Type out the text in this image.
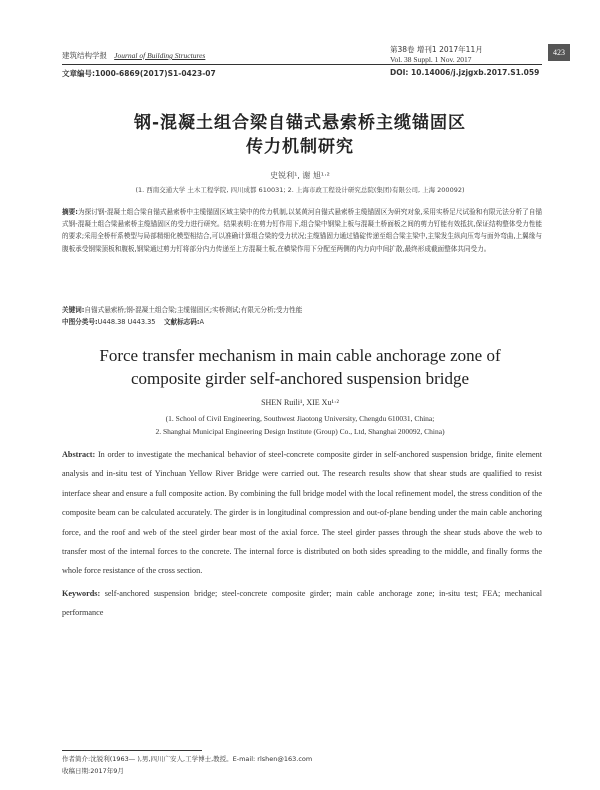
建筑结构学报 Journal of Building Structures
第38卷 增刊1 2017年11月
Vol. 38 Suppl. 1 Nov. 2017
423
文章编号:1000-6869(2017)S1-0423-07	DOI: 10.14006/j.jzjgxb.2017.S1.059
钢-混凝土组合梁自锚式悬索桥主缆锚固区
传力机制研究
史锐利¹, 谢 旭¹·²
(1. 西南交通大学 土木工程学院, 四川成都 610031; 2. 上海市政工程设计研究总院(集团)有限公司, 上海 200092)
摘要:为探讨钢-混凝土组合梁自锚式悬索桥中主缆锚固区域主梁中的传力机制,以某黄河自锚式悬索桥主缆锚固区为研究对象,采用实桥足尺试验和有限元法分析了自锚式钢-混凝土组合梁悬索桥主缆锚固区的受力进行研究。结果表明:在剪力钉作用下,组合梁中钢梁上板与混凝土桥面板之间的剪力钉能有效抵抗,保证结构整体受力性能的要求;采用全桥杆系模型与局部精细化模型相结合,可以准确计算组合梁的受力状况;主缆锚固力通过锚碇传递至组合梁主梁中,主梁发生纵向压弯与面外弯曲,上翼缘与腹板承受钢梁顶板和腹板,钢梁通过剪力钉将部分内力传递至上方混凝土板,在横梁作用下分配至两侧的内力向中间扩散,最终形成截面整体共同受力。
关键词:自锚式悬索桥;钢-混凝土组合梁;主缆锚固区;实桥测试;有限元分析;受力性能
中图分类号:U448.38 U443.35 文献标志码:A
Force transfer mechanism in main cable anchorage zone of
composite girder self-anchored suspension bridge
SHEN Ruili¹, XIE Xu¹·²
(1. School of Civil Engineering, Southwest Jiaotong University, Chengdu 610031, China;
2. Shanghai Municipal Engineering Design Institute (Group) Co., Ltd, Shanghai 200092, China)
Abstract: In order to investigate the mechanical behavior of steel-concrete composite girder in self-anchored suspension bridge, finite element analysis and in-situ test of Yinchuan Yellow River Bridge were carried out. The research results show that shear studs are qualified to resist interface shear and ensure a full composite action. By combining the full bridge model with the local refinement model, the stress condition of the composite beam can be calculated accurately. The girder is in longitudinal compression and out-of-plane bending under the main cable anchoring force, and the roof and web of the steel girder bear most of the axial force. The steel girder passes through the shear studs above the web to transfer most of the internal forces to the concrete. The internal force is distributed on both sides spreading to the middle, and finally forms the whole force resistance of the cross section.
Keywords: self-anchored suspension bridge; steel-concrete composite girder; main cable anchorage zone; in-situ test; FEA; mechanical performance
作者简介:沈锐利(1963— ),男,四川广安人,工学博士,教授。E-mail: rlshen@163.com
收稿日期:2017年9月
